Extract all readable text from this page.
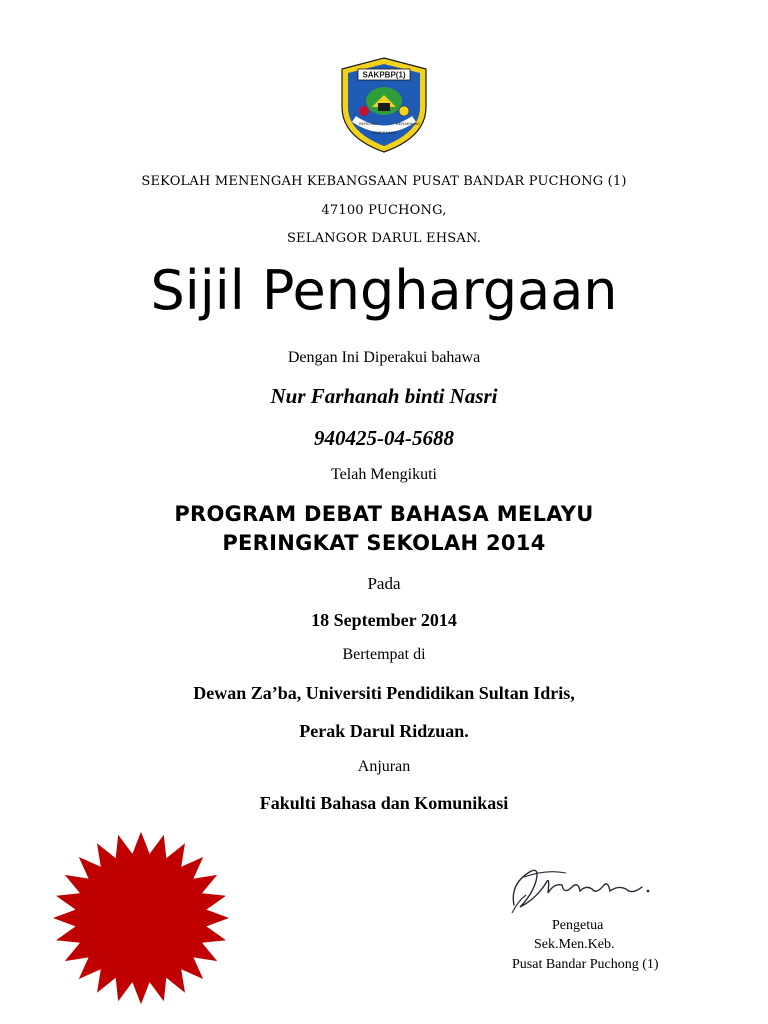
SAKPBP(1)
BERILMU
CEMERLANG
BERAKHLAK
SEKOLAH MENENGAH KEBANGSAAN PUSAT BANDAR PUCHONG (1)
47100 PUCHONG,
SELANGOR DARUL EHSAN.
Sijil Penghargaan
Dengan Ini Diperakui bahawa
Nur Farhanah binti Nasri
940425-04-5688
Telah Mengikuti
PROGRAM DEBAT BAHASA MELAYU
PERINGKAT SEKOLAH 2014
Pada
18 September 2014
Bertempat di
Dewan Za’ba, Universiti Pendidikan Sultan Idris,
Perak Darul Ridzuan.
Anjuran
Fakulti Bahasa dan Komunikasi
Pengetua
Sek.Men.Keb.
Pusat Bandar Puchong (1)
